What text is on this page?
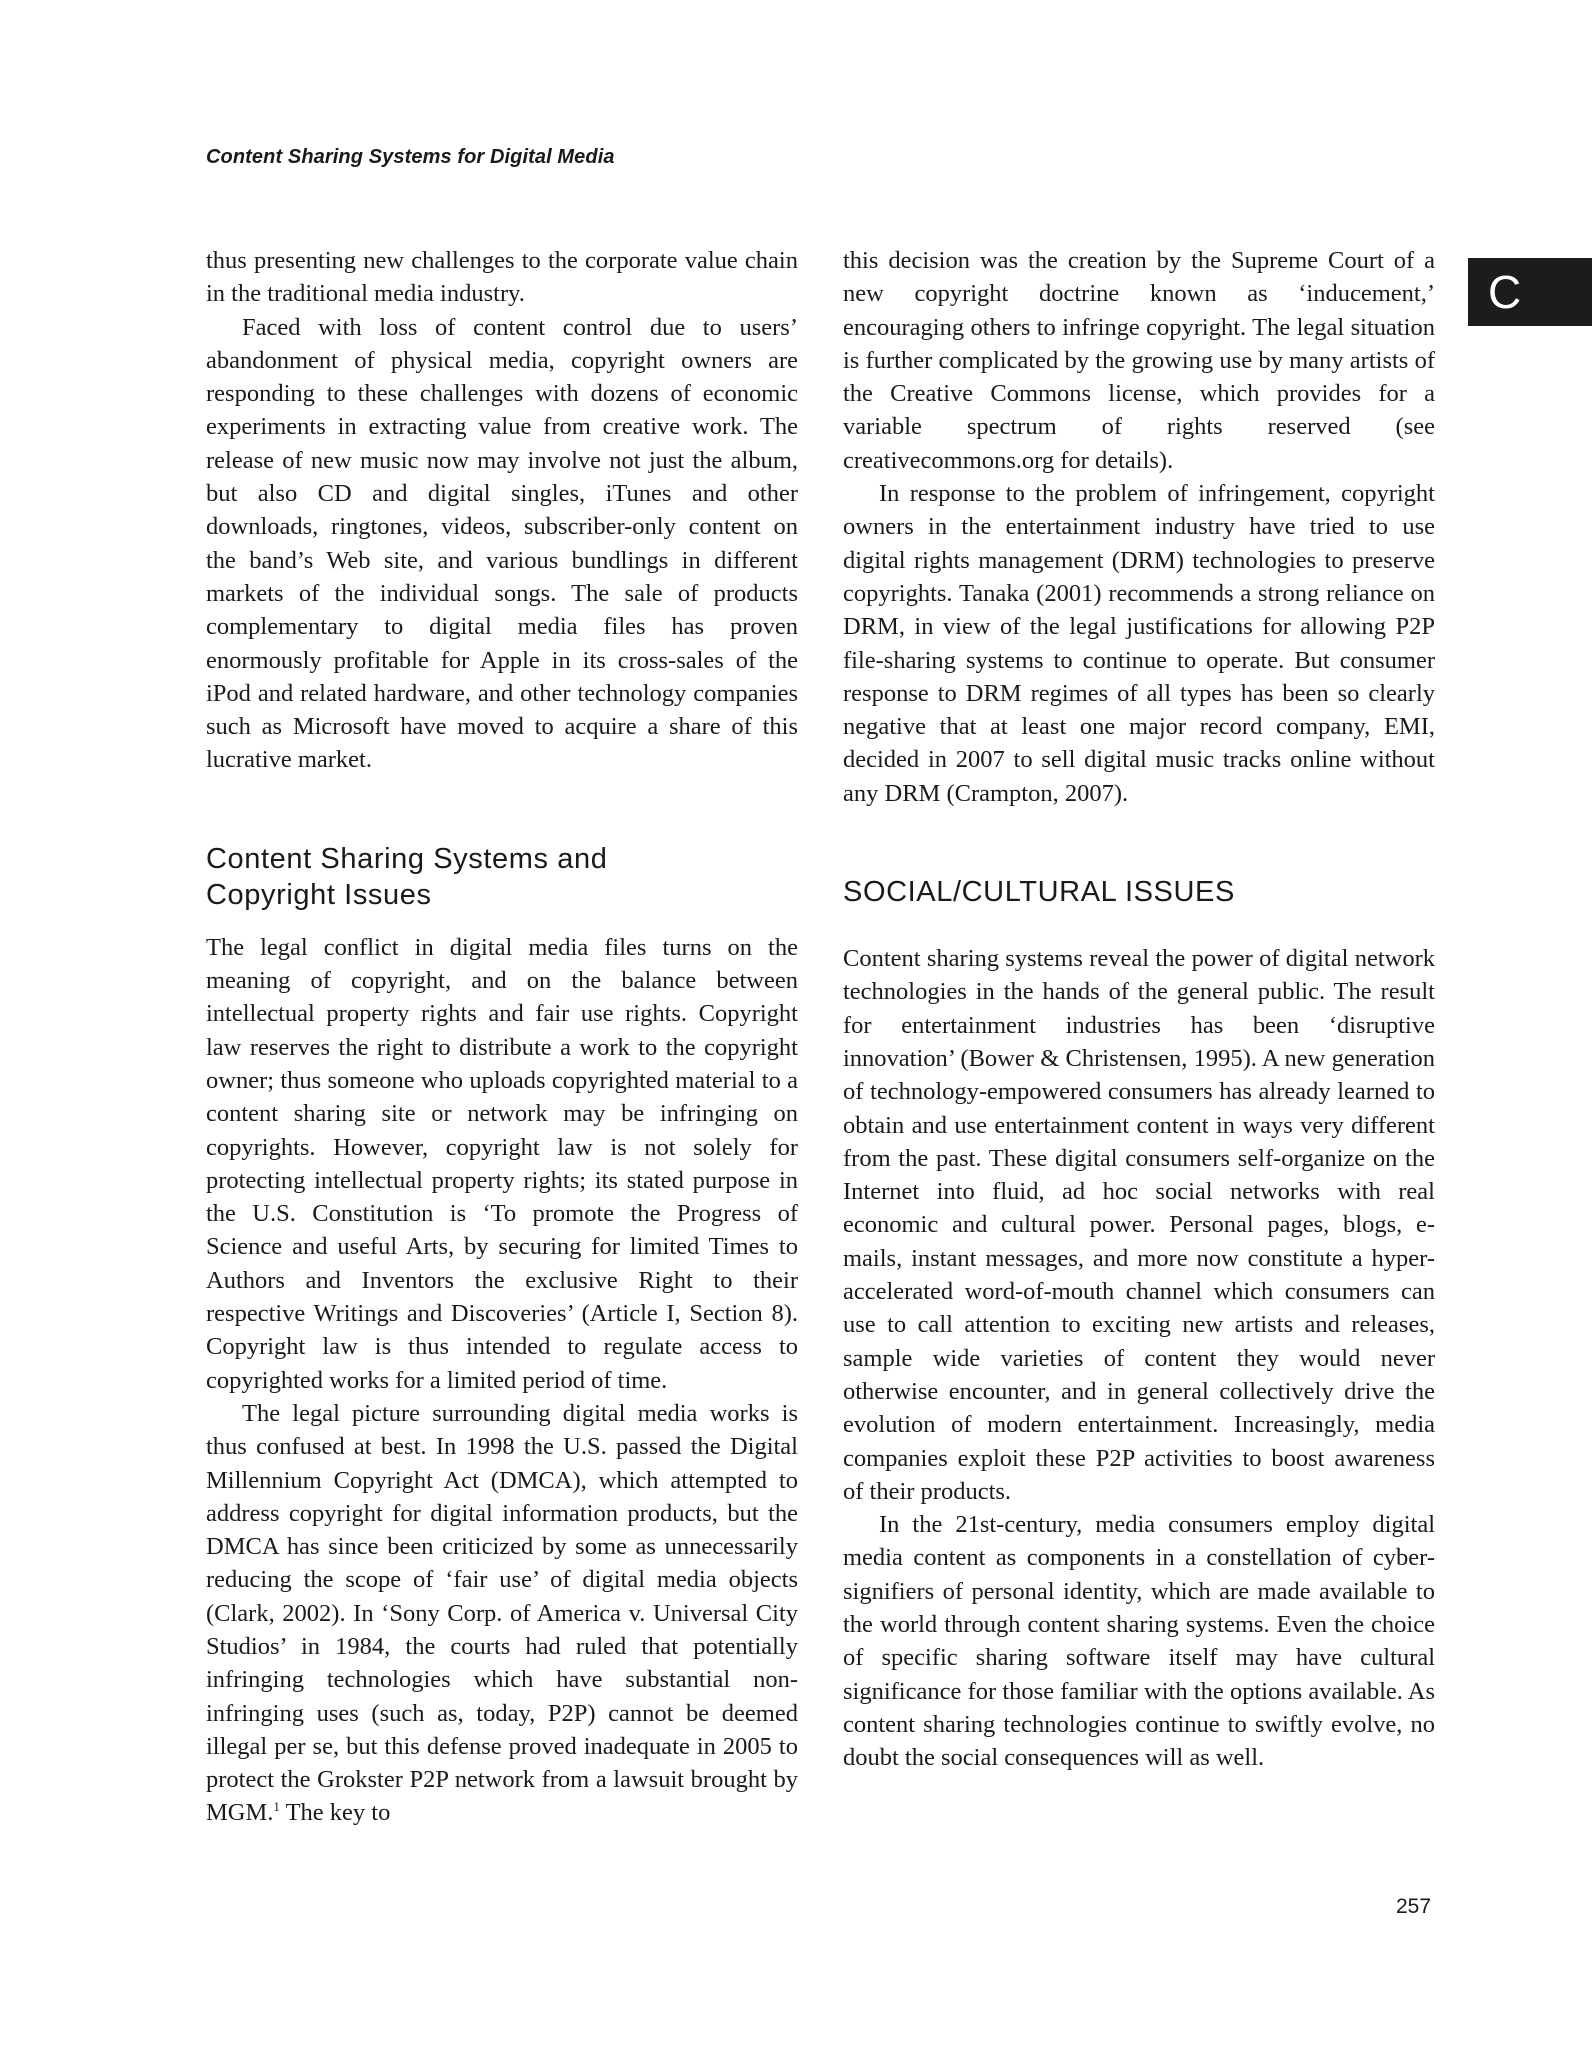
Content Sharing Systems for Digital Media
C

thus presenting new challenges to the corporate value chain in the traditional media industry.

Faced with loss of content control due to users’ abandonment of physical media, copyright owners are responding to these challenges with dozens of economic experiments in extracting value from creative work. The release of new music now may involve not just the album, but also CD and digital singles, iTunes and other downloads, ringtones, videos, subscriber-only content on the band’s Web site, and various bundlings in different markets of the individual songs. The sale of products complementary to digital media files has proven enormously profitable for Apple in its cross-sales of the iPod and related hardware, and other technology companies such as Microsoft have moved to acquire a share of this lucrative market.

Content Sharing Systems and
Copyright Issues

The legal conflict in digital media files turns on the meaning of copyright, and on the balance between intellectual property rights and fair use rights. Copyright law reserves the right to distribute a work to the copyright owner; thus someone who uploads copyrighted material to a content sharing site or network may be infringing on copyrights. However, copyright law is not solely for protecting intellectual property rights; its stated purpose in the U.S. Constitution is ‘To promote the Progress of Science and useful Arts, by securing for limited Times to Authors and Inventors the exclusive Right to their respective Writings and Discoveries’ (Article I, Section 8). Copyright law is thus intended to regulate access to copyrighted works for a limited period of time.

The legal picture surrounding digital media works is thus confused at best. In 1998 the U.S. passed the Digital Millennium Copyright Act (DMCA), which attempted to address copyright for digital information products, but the DMCA has since been criticized by some as unnecessarily reducing the scope of ‘fair use’ of digital media objects (Clark, 2002). In ‘Sony Corp. of America v. Universal City Studios’ in 1984, the courts had ruled that potentially infringing technologies which have substantial non-infringing uses (such as, today, P2P) cannot be deemed illegal per se, but this defense proved inadequate in 2005 to protect the Grokster P2P network from a lawsuit brought by MGM.$^1$ The key to

this decision was the creation by the Supreme Court of a new copyright doctrine known as ‘inducement,’ encouraging others to infringe copyright. The legal situation is further complicated by the growing use by many artists of the Creative Commons license, which provides for a variable spectrum of rights reserved (see creativecommons.org for details).

In response to the problem of infringement, copyright owners in the entertainment industry have tried to use digital rights management (DRM) technologies to preserve copyrights. Tanaka (2001) recommends a strong reliance on DRM, in view of the legal justifications for allowing P2P file-sharing systems to continue to operate. But consumer response to DRM regimes of all types has been so clearly negative that at least one major record company, EMI, decided in 2007 to sell digital music tracks online without any DRM (Crampton, 2007).

SOCIAL/CULTURAL ISSUES

Content sharing systems reveal the power of digital network technologies in the hands of the general public. The result for entertainment industries has been ‘disruptive innovation’ (Bower & Christensen, 1995). A new generation of technology-empowered consumers has already learned to obtain and use entertainment content in ways very different from the past. These digital consumers self-organize on the Internet into fluid, ad hoc social networks with real economic and cultural power. Personal pages, blogs, e-mails, instant messages, and more now constitute a hyper-accelerated word-of-mouth channel which consumers can use to call attention to exciting new artists and releases, sample wide varieties of content they would never otherwise encounter, and in general collectively drive the evolution of modern entertainment. Increasingly, media companies exploit these P2P activities to boost awareness of their products.

In the 21st-century, media consumers employ digital media content as components in a constellation of cyber-signifiers of personal identity, which are made available to the world through content sharing systems. Even the choice of specific sharing software itself may have cultural significance for those familiar with the options available. As content sharing technologies continue to swiftly evolve, no doubt the social consequences will as well.

257
